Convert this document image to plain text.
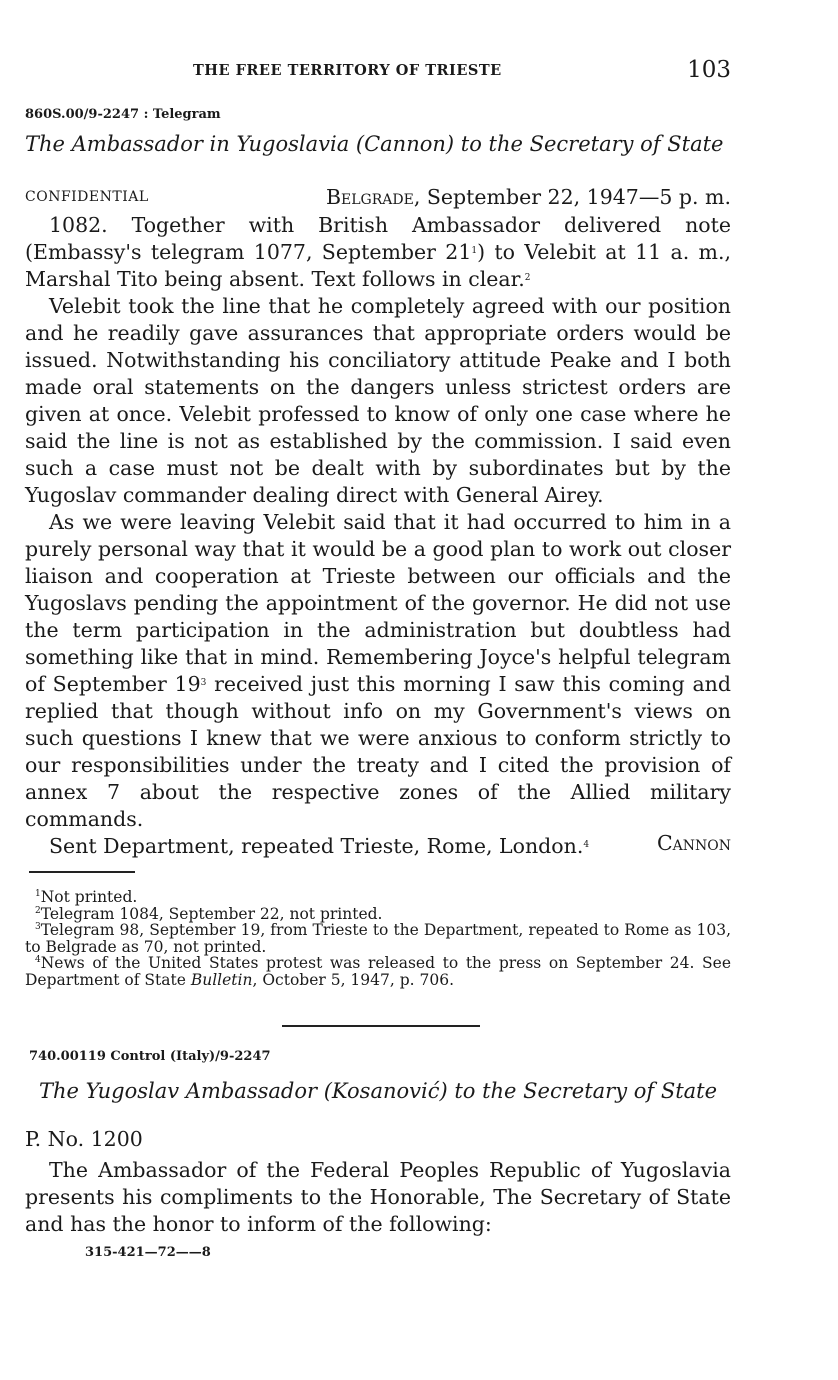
THE FREE TERRITORY OF TRIESTE	103
860S.00/9-2247 : Telegram
The Ambassador in Yugoslavia (Cannon) to the Secretary of State
CONFIDENTIAL	Belgrade, September 22, 1947—5 p. m.

1082. Together with British Ambassador delivered note (Embassy's telegram 1077, September $21^1$) to Velebit at 11 a. m., Marshal Tito being absent. Text follows in clear.$^2$

Velebit took the line that he completely agreed with our position and he readily gave assurances that appropriate orders would be issued. Notwithstanding his conciliatory attitude Peake and I both made oral statements on the dangers unless strictest orders are given at once. Velebit professed to know of only one case where he said the line is not as established by the commission. I said even such a case must not be dealt with by subordinates but by the Yugoslav commander dealing direct with General Airey.

As we were leaving Velebit said that it had occurred to him in a purely personal way that it would be a good plan to work out closer liaison and cooperation at Trieste between our officials and the Yugoslavs pending the appointment of the governor. He did not use the term participation in the administration but doubtless had something like that in mind. Remembering Joyce's helpful telegram of September $19^3$ received just this morning I saw this coming and replied that though without info on my Government's views on such questions I knew that we were anxious to conform strictly to our responsibilities under the treaty and I cited the provision of annex 7 about the respective zones of the Allied military commands.

Sent Department, repeated Trieste, Rome, London.$^4$	Cannon

$^1$Not printed.

$^2$Telegram 1084, September 22, not printed.

$^3$Telegram 98, September 19, from Trieste to the Department, repeated to Rome as 103, to Belgrade as 70, not printed.

$^4$News of the United States protest was released to the press on September 24. See Department of State Bulletin, October 5, 1947, p. 706.

740.00119 Control (Italy)/9-2247
The Yugoslav Ambassador (Kosanović) to the Secretary of State
P. No. 1200

The Ambassador of the Federal Peoples Republic of Yugoslavia presents his compliments to the Honorable, The Secretary of State and has the honor to inform of the following:

315-421—72——8
